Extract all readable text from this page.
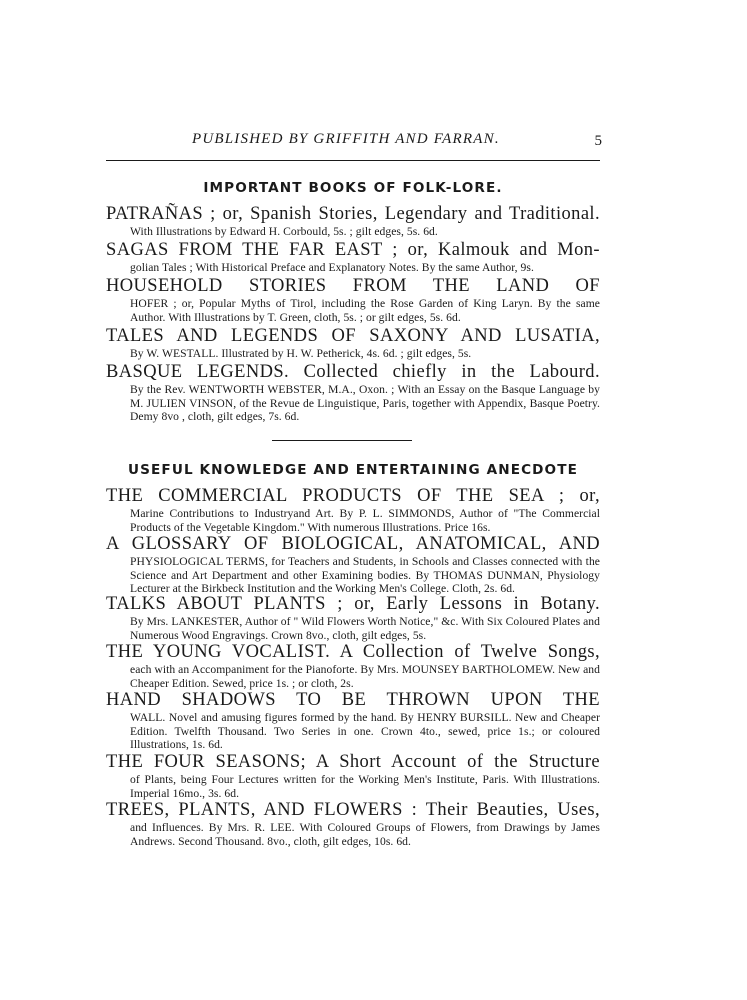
PUBLISHED BY GRIFFITH AND FARRAN.	5
IMPORTANT BOOKS OF FOLK-LORE.
PATRAÑAS ; or, Spanish Stories, Legendary and Traditional.
With Illustrations by Edward H. Corbould, 5s. ; gilt edges, 5s. 6d.
SAGAS FROM THE FAR EAST ; or, Kalmouk and Mon-
golian Tales ; With Historical Preface and Explanatory Notes. By the same Author, 9s.
HOUSEHOLD STORIES FROM THE LAND OF
HOFER ; or, Popular Myths of Tirol, including the Rose Garden of King Laryn. By the same Author. With Illustrations by T. Green, cloth, 5s. ; or gilt edges, 5s. 6d.
TALES AND LEGENDS OF SAXONY AND LUSATIA,
By W. WESTALL. Illustrated by H. W. Petherick, 4s. 6d. ; gilt edges, 5s.
BASQUE LEGENDS. Collected chiefly in the Labourd.
By the Rev. WENTWORTH WEBSTER, M.A., Oxon. ; With an Essay on the Basque Language by M. JULIEN VINSON, of the Revue de Linguistique, Paris, together with Appendix, Basque Poetry. Demy 8vo , cloth, gilt edges, 7s. 6d.
USEFUL KNOWLEDGE AND ENTERTAINING ANECDOTE
THE COMMERCIAL PRODUCTS OF THE SEA ; or,
Marine Contributions to Industryand Art. By P. L. SIMMONDS, Author of "The Commercial Products of the Vegetable Kingdom." With numerous Illustrations. Price 16s.
A GLOSSARY OF BIOLOGICAL, ANATOMICAL, AND
PHYSIOLOGICAL TERMS, for Teachers and Students, in Schools and Classes connected with the Science and Art Department and other Examining bodies. By THOMAS DUNMAN, Physiology Lecturer at the Birkbeck Institution and the Working Men's College. Cloth, 2s. 6d.
TALKS ABOUT PLANTS ; or, Early Lessons in Botany.
By Mrs. LANKESTER, Author of " Wild Flowers Worth Notice," &c. With Six Coloured Plates and Numerous Wood Engravings. Crown 8vo., cloth, gilt edges, 5s.
THE YOUNG VOCALIST. A Collection of Twelve Songs,
each with an Accompaniment for the Pianoforte. By Mrs. MOUNSEY BARTHOLOMEW. New and Cheaper Edition. Sewed, price 1s. ; or cloth, 2s.
HAND SHADOWS TO BE THROWN UPON THE
WALL. Novel and amusing figures formed by the hand. By HENRY BURSILL. New and Cheaper Edition. Twelfth Thousand. Two Series in one. Crown 4to., sewed, price 1s.; or coloured Illustrations, 1s. 6d.
THE FOUR SEASONS; A Short Account of the Structure
of Plants, being Four Lectures written for the Working Men's Institute, Paris. With Illustrations. Imperial 16mo., 3s. 6d.
TREES, PLANTS, AND FLOWERS : Their Beauties, Uses,
and Influences. By Mrs. R. LEE. With Coloured Groups of Flowers, from Drawings by James Andrews. Second Thousand. 8vo., cloth, gilt edges, 10s. 6d.
